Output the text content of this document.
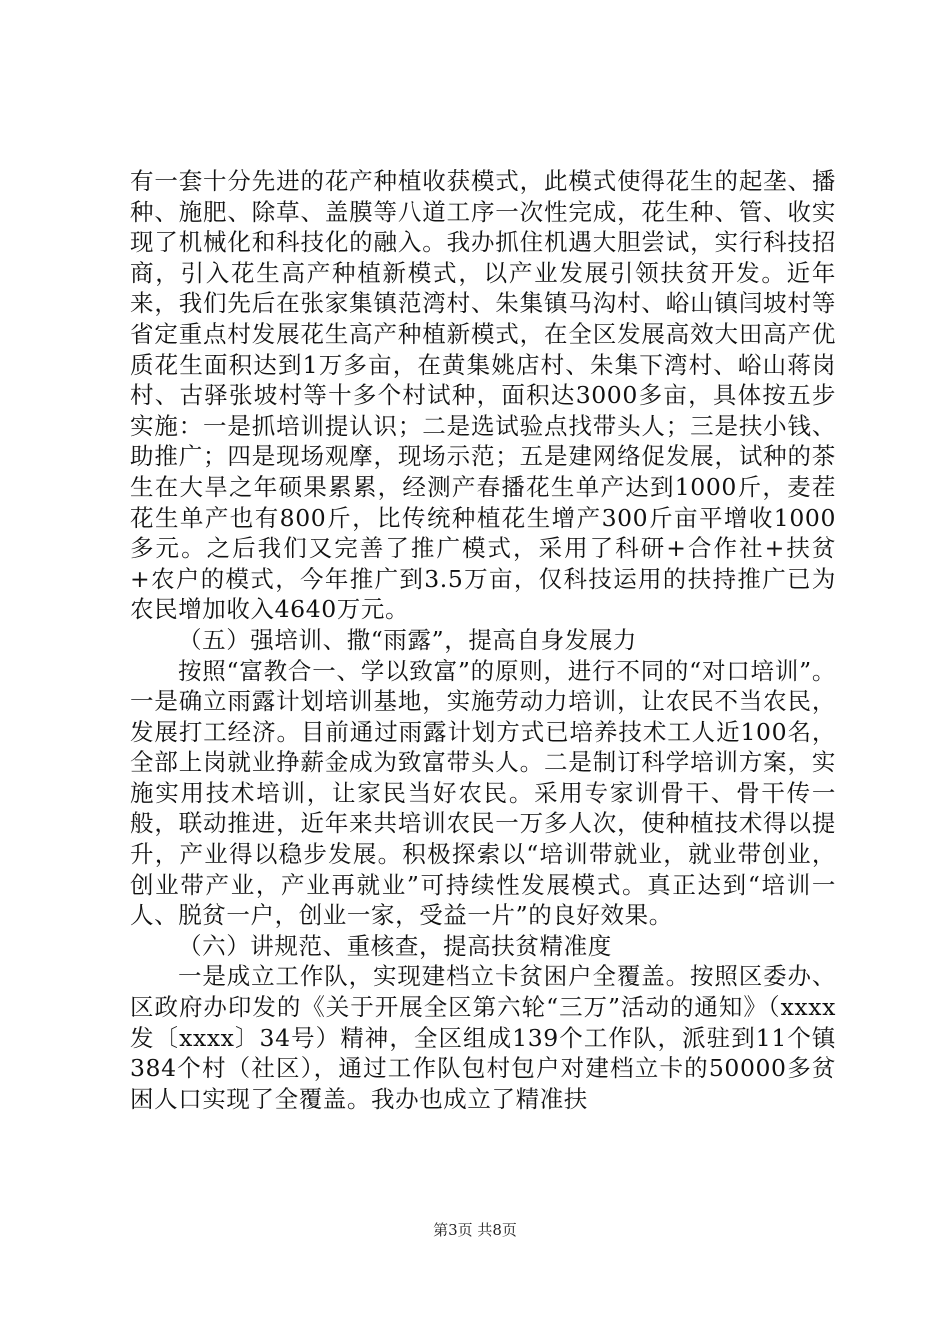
有一套十分先进的花产种植收获模式，此模式使得花生的起垄、播种、施肥、除草、盖膜等八道工序一次性完成，花生种、管、收实现了机械化和科技化的融入。我办抓住机遇大胆尝试，实行科技招商，引入花生高产种植新模式，以产业发展引领扶贫开发。近年来，我们先后在张家集镇范湾村、朱集镇马沟村、峪山镇闫坡村等省定重点村发展花生高产种植新模式，在全区发展高效大田高产优质花生面积达到1万多亩，在黄集姚店村、朱集下湾村、峪山蒋岗村、古驿张坡村等十多个村试种，面积达3000多亩，具体按五步实施：一是抓培训提认识；二是选试验点找带头人；三是扶小钱、助推广；四是现场观摩，现场示范；五是建网络促发展，试种的茶生在大旱之年硕果累累，经测产春播花生单产达到1000斤，麦茬花生单产也有800斤，比传统种植花生增产300斤亩平增收1000多元。之后我们又完善了推广模式，采用了科研+合作社+扶贫+农户的模式，今年推广到3.5万亩，仅科技运用的扶持推广已为农民增加收入4640万元。

（五）强培训、撒“雨露”，提高自身发展力

按照“富教合一、学以致富”的原则，进行不同的“对口培训”。一是确立雨露计划培训基地，实施劳动力培训，让农民不当农民，发展打工经济。目前通过雨露计划方式已培养技术工人近100名，全部上岗就业挣薪金成为致富带头人。二是制订科学培训方案，实施实用技术培训，让家民当好农民。采用专家训骨干、骨干传一般，联动推进，近年来共培训农民一万多人次，使种植技术得以提升，产业得以稳步发展。积极探索以“培训带就业，就业带创业，创业带产业，产业再就业”可持续性发展模式。真正达到“培训一人、脱贫一户，创业一家，受益一片”的良好效果。

（六）讲规范、重核查，提高扶贫精准度

一是成立工作队，实现建档立卡贫困户全覆盖。按照区委办、区政府办印发的《关于开展全区第六轮“三万”活动的通知》（xxxx发〔xxxx〕34号）精神，全区组成139个工作队，派驻到11个镇384个村（社区），通过工作队包村包户对建档立卡的50000多贫困人口实现了全覆盖。我办也成立了精准扶

第3页 共8页
